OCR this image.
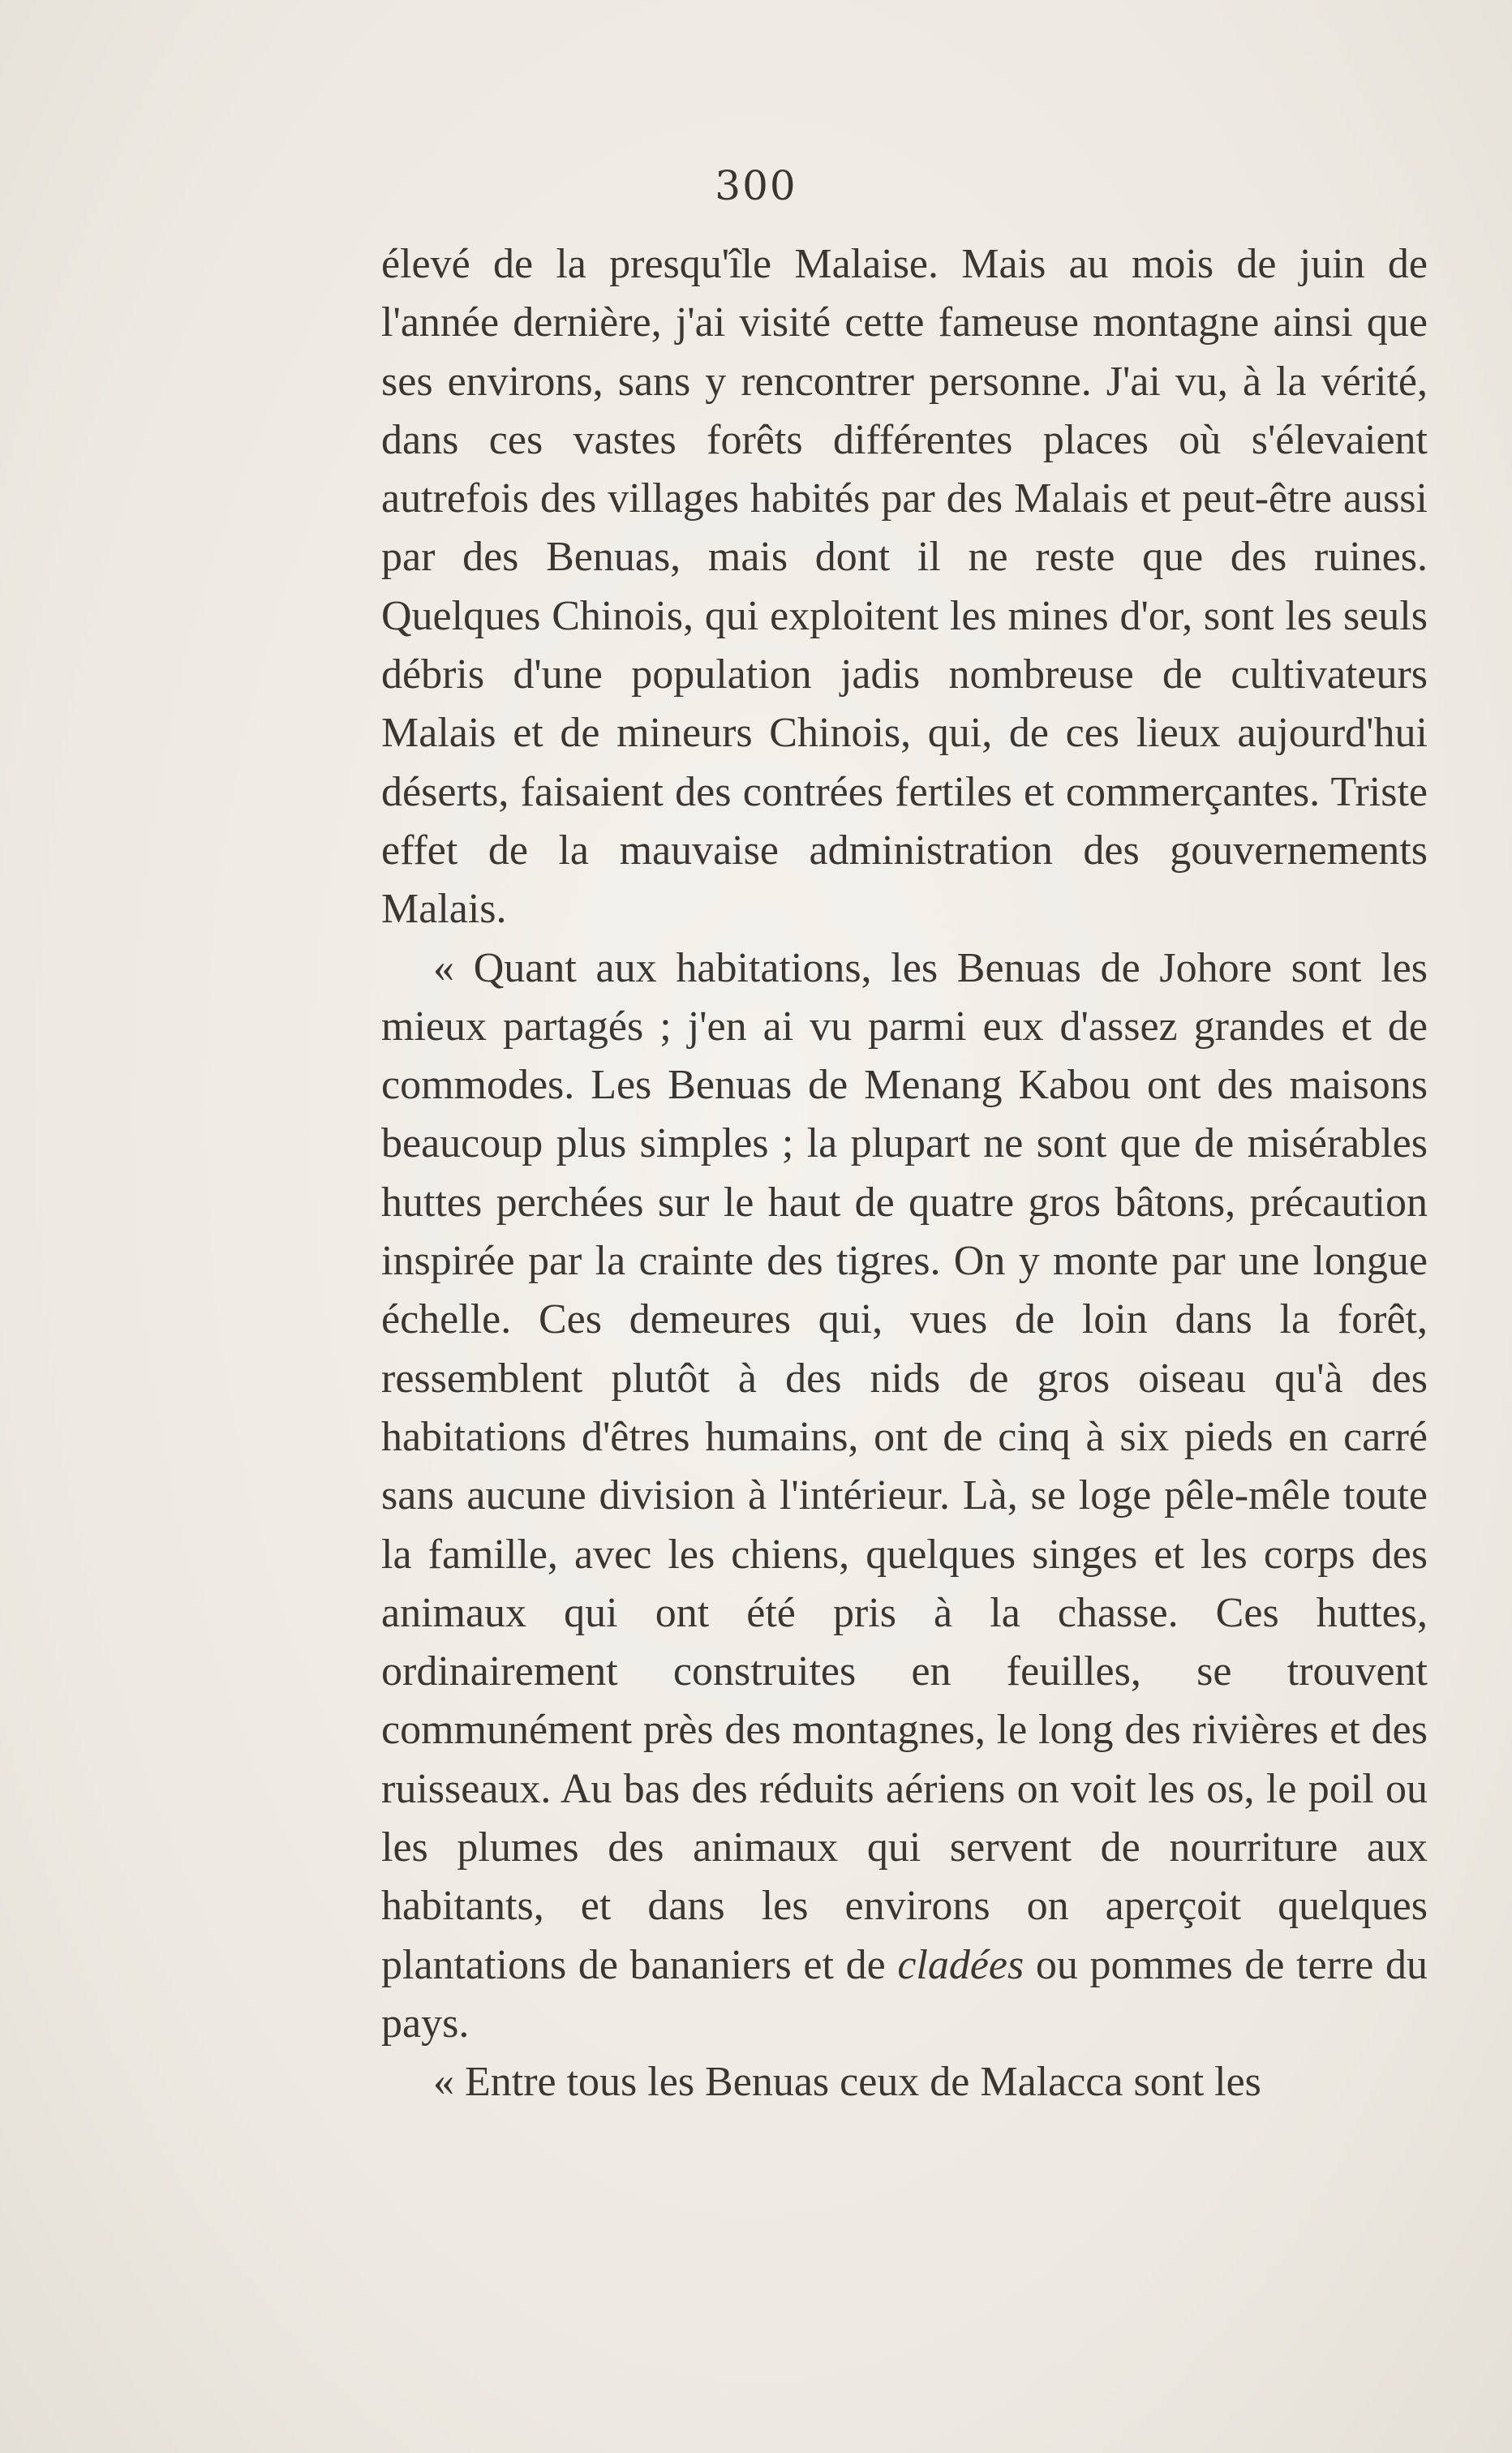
300

élevé de la presqu'île Malaise. Mais au mois de juin de l'année dernière, j'ai visité cette fameuse montagne ainsi que ses environs, sans y rencontrer personne. J'ai vu, à la vérité, dans ces vastes forêts différentes places où s'élevaient autrefois des villages habités par des Malais et peut-être aussi par des Benuas, mais dont il ne reste que des ruines. Quelques Chinois, qui exploitent les mines d'or, sont les seuls débris d'une population jadis nombreuse de cultivateurs Malais et de mineurs Chinois, qui, de ces lieux aujourd'hui déserts, faisaient des contrées fertiles et commerçantes. Triste effet de la mauvaise administration des gouvernements Malais.

« Quant aux habitations, les Benuas de Johore sont les mieux partagés ; j'en ai vu parmi eux d'assez grandes et de commodes. Les Benuas de Menang Kabou ont des maisons beaucoup plus simples ; la plupart ne sont que de misérables huttes perchées sur le haut de quatre gros bâtons, précaution inspirée par la crainte des tigres. On y monte par une longue échelle. Ces demeures qui, vues de loin dans la forêt, ressemblent plutôt à des nids de gros oiseau qu'à des habitations d'êtres humains, ont de cinq à six pieds en carré sans aucune division à l'intérieur. Là, se loge pêle-mêle toute la famille, avec les chiens, quelques singes et les corps des animaux qui ont été pris à la chasse. Ces huttes, ordinairement construites en feuilles, se trouvent communément près des montagnes, le long des rivières et des ruisseaux. Au bas des réduits aériens on voit les os, le poil ou les plumes des animaux qui servent de nourriture aux habitants, et dans les environs on aperçoit quelques plantations de bananiers et de cladées ou pommes de terre du pays.

« Entre tous les Benuas ceux de Malacca sont les
